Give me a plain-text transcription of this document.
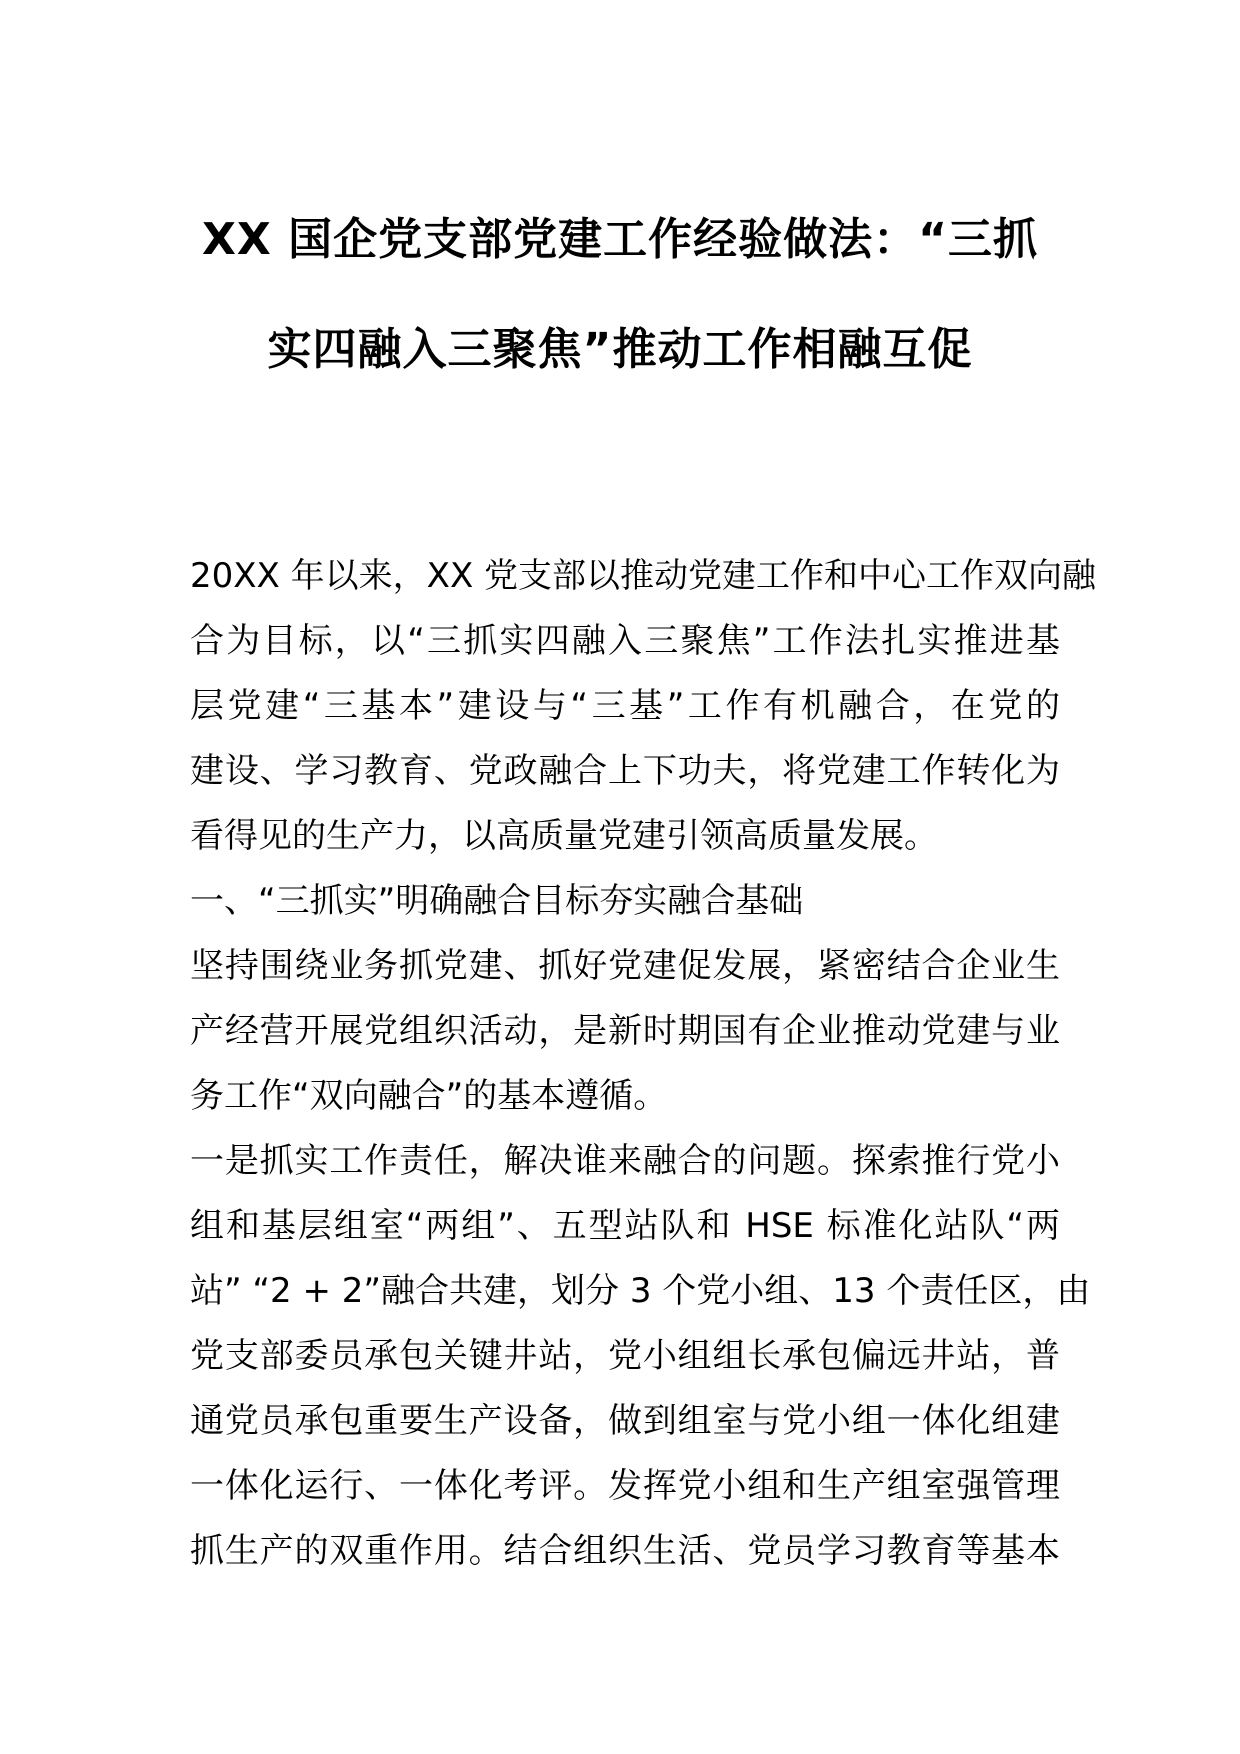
XX 国企党支部党建工作经验做法：“三抓
实四融入三聚焦”推动工作相融互促
20XX 年以来，XX 党支部以推动党建工作和中心工作双向融
合为目标，以“三抓实四融入三聚焦”工作法扎实推进基
层党建“三基本”建设与“三基”工作有机融合，在党的
建设、学习教育、党政融合上下功夫，将党建工作转化为
看得见的生产力，以高质量党建引领高质量发展。
一、“三抓实”明确融合目标夯实融合基础
坚持围绕业务抓党建、抓好党建促发展，紧密结合企业生
产经营开展党组织活动，是新时期国有企业推动党建与业
务工作“双向融合”的基本遵循。
一是抓实工作责任，解决谁来融合的问题。探索推行党小
组和基层组室“两组”、五型站队和 HSE 标准化站队“两
站” “2 + 2”融合共建，划分 3 个党小组、13 个责任区，由
党支部委员承包关键井站，党小组组长承包偏远井站，普
通党员承包重要生产设备，做到组室与党小组一体化组建
一体化运行、一体化考评。发挥党小组和生产组室强管理
抓生产的双重作用。结合组织生活、党员学习教育等基本
